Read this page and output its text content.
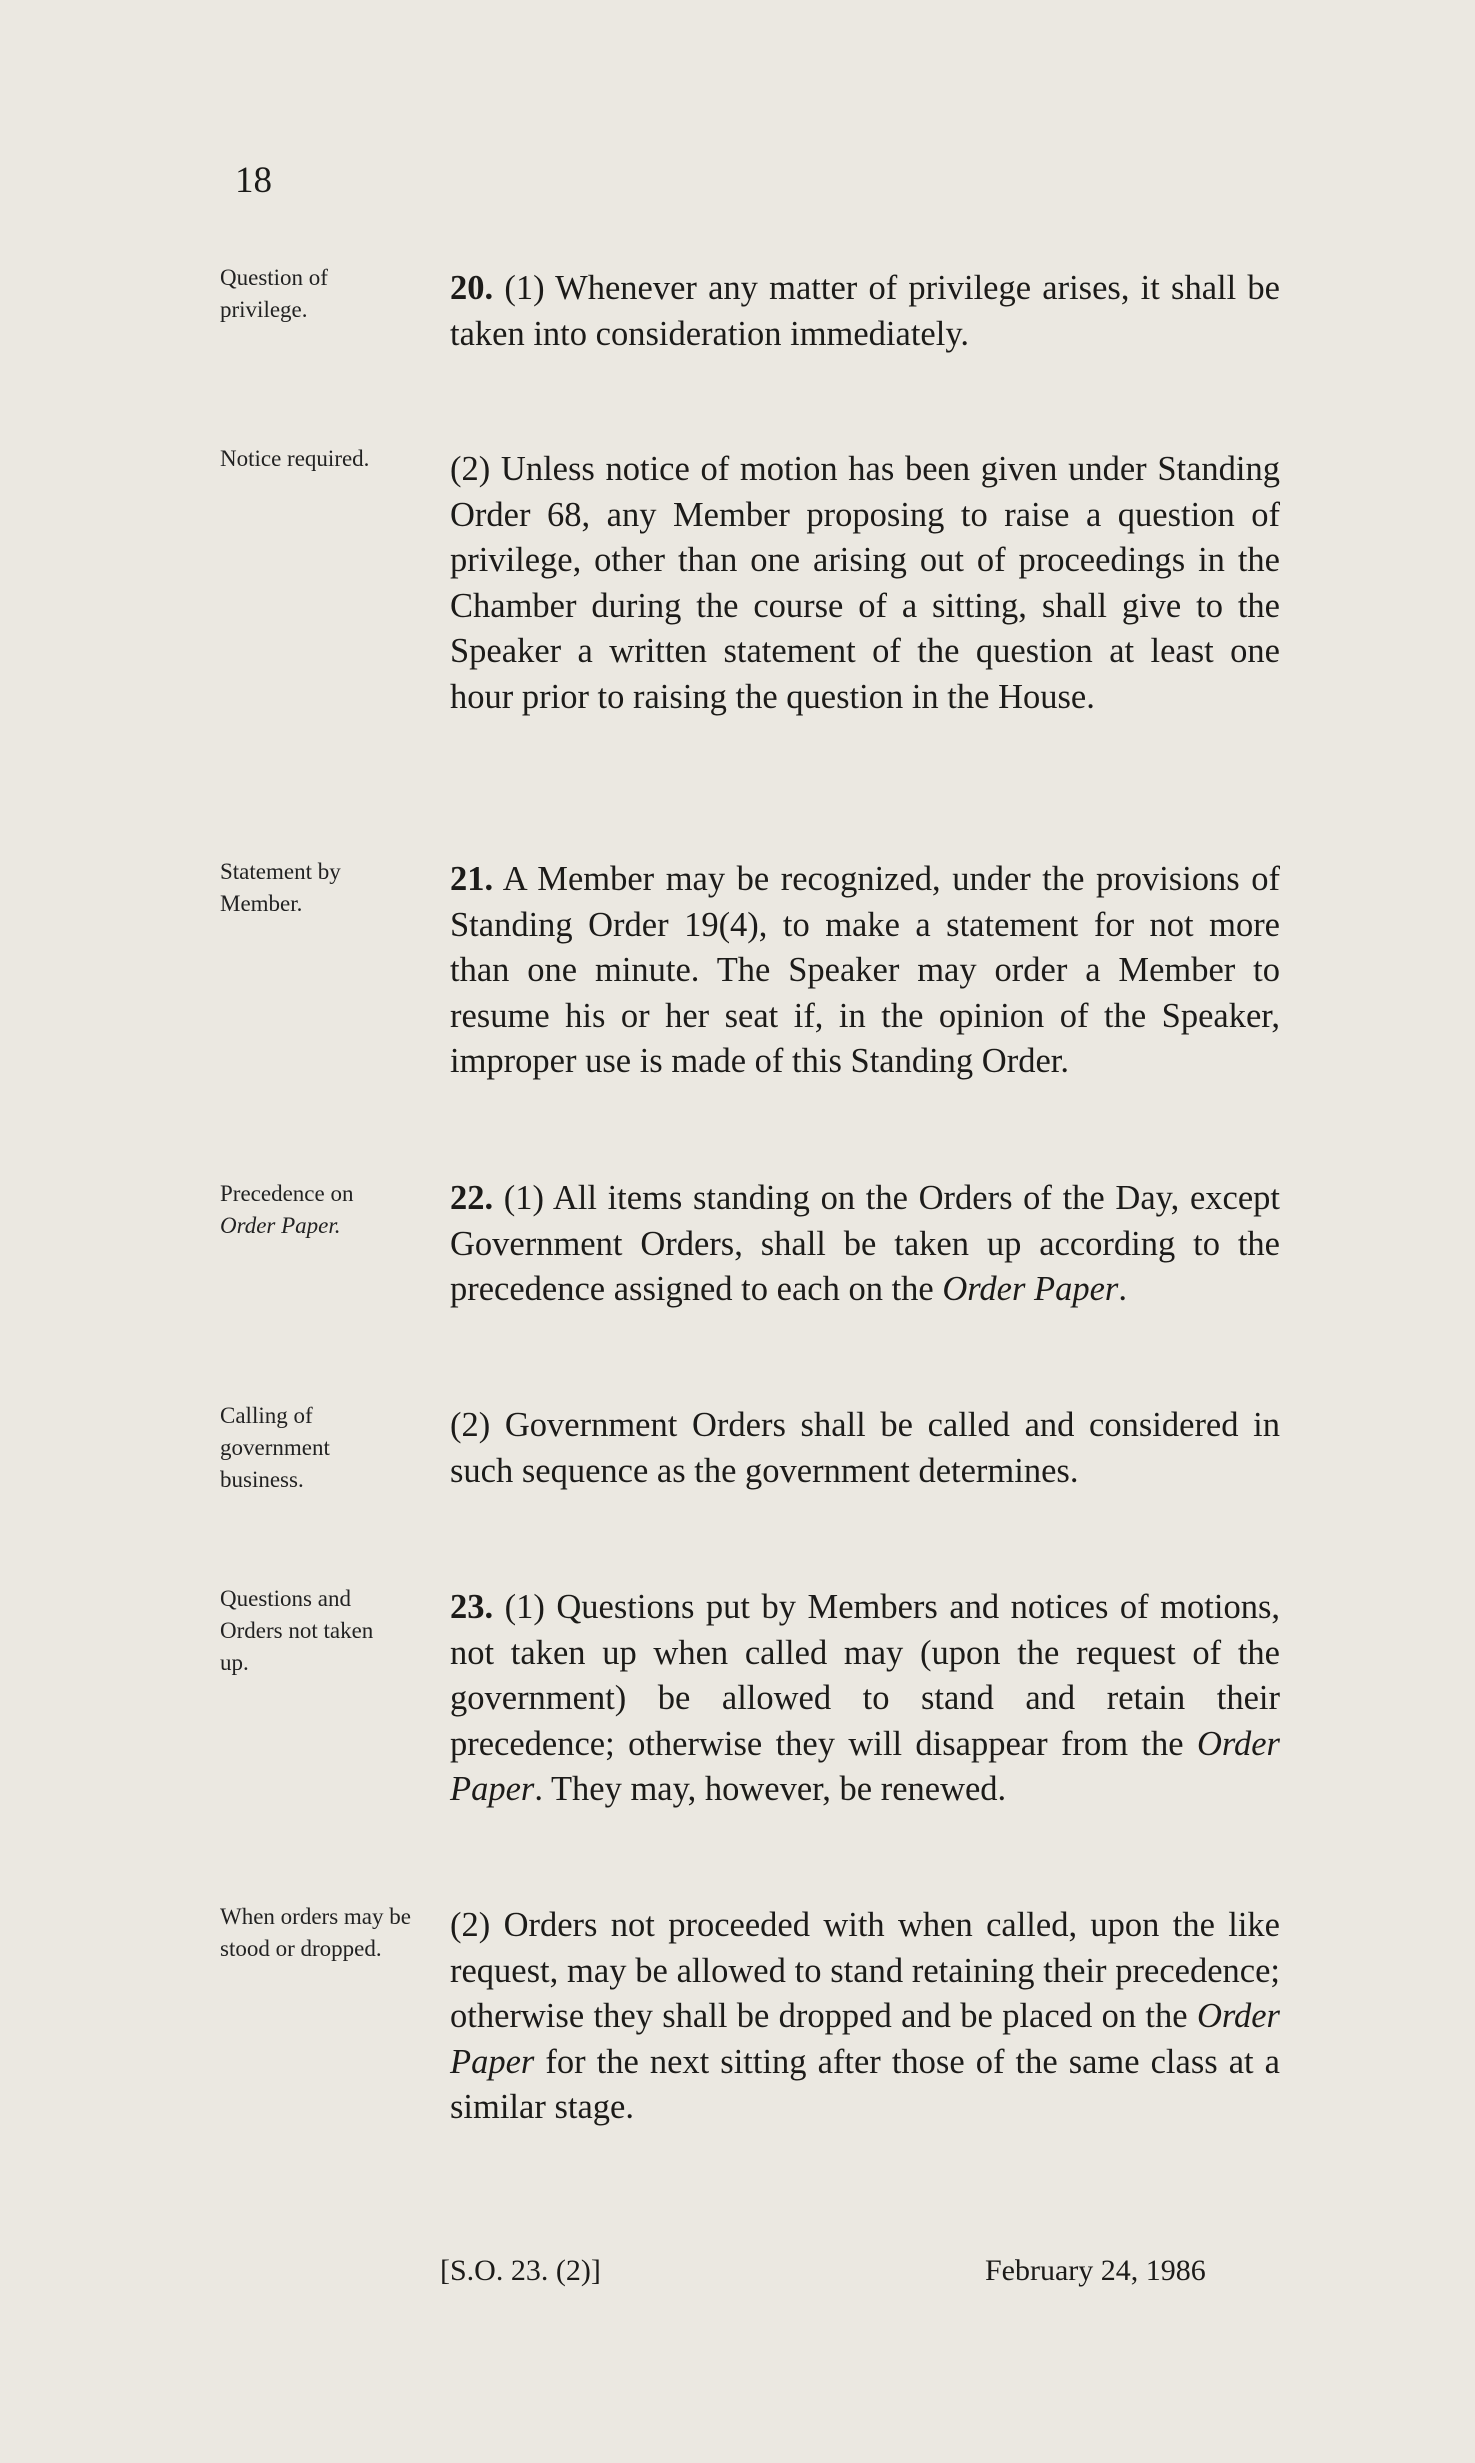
18
Question of privilege.
20. (1) Whenever any matter of privilege arises, it shall be taken into consideration immediately.
Notice required.	(2) Unless notice of motion has been given under Standing Order 68, any Member proposing to raise a question of privilege, other than one arising out of proceedings in the Chamber during the course of a sitting, shall give to the Speaker a written statement of the question at least one hour prior to raising the question in the House.
Statement by Member.
21. A Member may be recognized, under the provisions of Standing Order 19(4), to make a statement for not more than one minute. The Speaker may order a Member to resume his or her seat if, in the opinion of the Speaker, improper use is made of this Standing Order.
Precedence on
Order Paper.
22. (1) All items standing on the Orders of the Day, except Government Orders, shall be taken up according to the precedence assigned to each on the Order Paper.
Calling of government business.
(2) Government Orders shall be called and considered in such sequence as the government determines.
Questions and Orders not taken up.
23. (1) Questions put by Members and notices of motions, not taken up when called may (upon the request of the government) be allowed to stand and retain their precedence; otherwise they will disappear from the Order Paper. They may, however, be renewed.
When orders may be stood or dropped.
(2) Orders not proceeded with when called, upon the like request, may be allowed to stand retaining their precedence; otherwise they shall be dropped and be placed on the Order Paper for the next sitting after those of the same class at a similar stage.
[S.O. 23. (2)]	February 24, 1986
